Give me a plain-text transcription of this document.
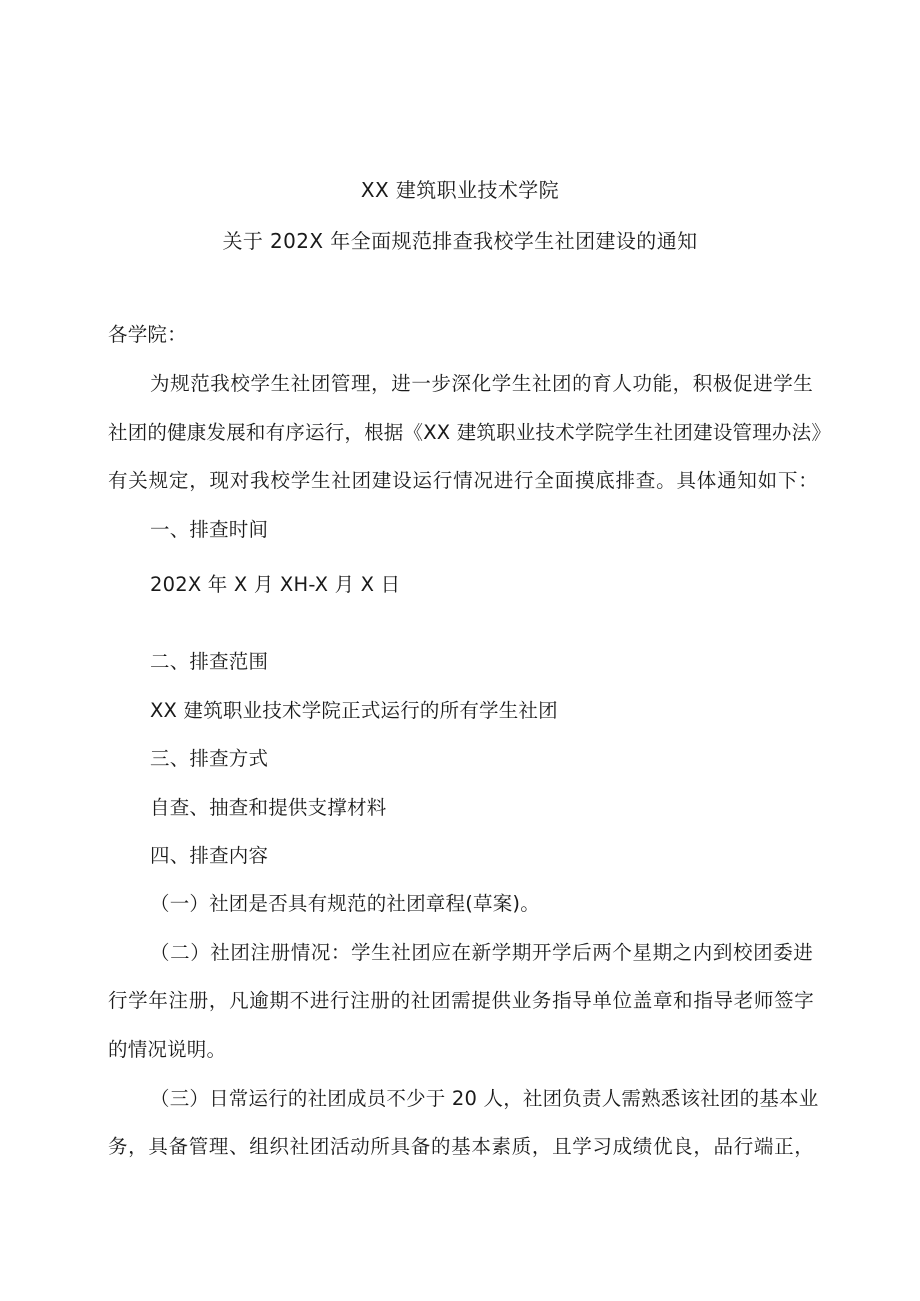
XX 建筑职业技术学院
关于 202X 年全面规范排查我校学生社团建设的通知
各学院：
为规范我校学生社团管理，进一步深化学生社团的育人功能，积极促进学生
社团的健康发展和有序运行，根据《XX 建筑职业技术学院学生社团建设管理办法》
有关规定，现对我校学生社团建设运行情况进行全面摸底排查。具体通知如下：
一、排查时间
202X 年 X 月 XH-X 月 X 日
二、排查范围
XX 建筑职业技术学院正式运行的所有学生社团
三、排查方式
自查、抽查和提供支撑材料
四、排查内容
（一）社团是否具有规范的社团章程(草案)。
（二）社团注册情况：学生社团应在新学期开学后两个星期之内到校团委进
行学年注册，凡逾期不进行注册的社团需提供业务指导单位盖章和指导老师签字
的情况说明。
（三）日常运行的社团成员不少于 20 人，社团负责人需熟悉该社团的基本业
务，具备管理、组织社团活动所具备的基本素质，且学习成绩优良，品行端正，
